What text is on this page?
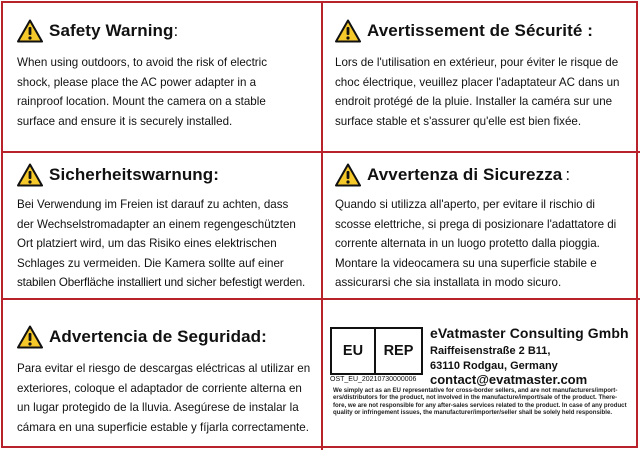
Safety Warning:
When using outdoors, to avoid the risk of electric
shock, please place the AC power adapter in a
rainproof location. Mount the camera on a stable
surface and ensure it is securely installed.
Avertissement de Sécurité :
Lors de l'utilisation en extérieur, pour éviter le risque de
choc électrique, veuillez placer l'adaptateur AC dans un
endroit protégé de la pluie. Installer la caméra sur une
surface stable et s'assurer qu'elle est bien fixée.
Sicherheitswarnung:
Bei Verwendung im Freien ist darauf zu achten, dass
der Wechselstromadapter an einem regengeschützten
Ort platziert wird, um das Risiko eines elektrischen
Schlages zu vermeiden. Die Kamera sollte auf einer
stabilen Oberfläche installiert und sicher befestigt werden.
Avvertenza di Sicurezza :
Quando si utilizza all'aperto, per evitare il rischio di
scosse elettriche, si prega di posizionare l'adattatore di
corrente alternata in un luogo protetto dalla pioggia.
Montare la videocamera su una superficie stabile e
assicurarsi che sia installata in modo sicuro.
Advertencia de Seguridad:
Para evitar el riesgo de descargas eléctricas al utilizar en
exteriores, coloque el adaptador de corriente alterna en
un lugar protegido de la lluvia. Asegúrese de instalar la
cámara en una superficie estable y fíjarla correctamente.
EU	REP
OST_EU_20210730000006
eVatmaster Consulting Gmbh
Raiffeisenstraße 2 B11,
63110 Rodgau, Germany
contact@evatmaster.com
We simply act as an EU representative for cross-border sellers, and are not manufacturers/import-
ers/distributors for the product, not involved in the manufacture/import/sale of the product. There-
fore, we are not responsible for any after-sales services related to the product. In case of any product
quality or infringement issues, the manufacturer/importer/seller shall be solely held responsible.
